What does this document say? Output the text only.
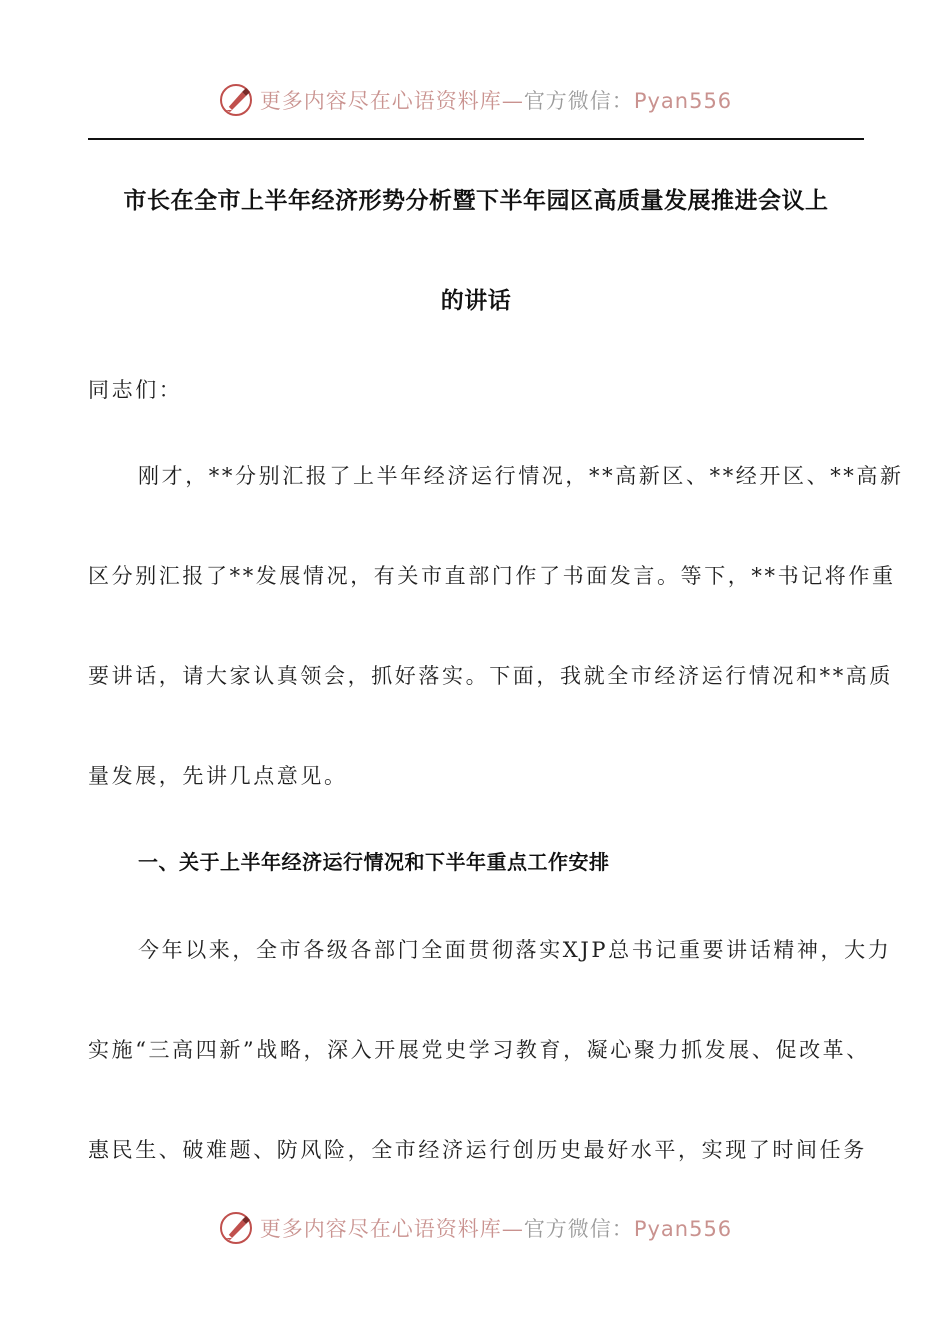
更多内容尽在心语资料库—官方微信：Pyan556
市长在全市上半年经济形势分析暨下半年园区高质量发展推进会议上
的讲话
同志们：
刚才，**分别汇报了上半年经济运行情况，**高新区、**经开区、**高新
区分别汇报了**发展情况，有关市直部门作了书面发言。等下，**书记将作重
要讲话，请大家认真领会，抓好落实。下面，我就全市经济运行情况和**高质
量发展，先讲几点意见。
一、关于上半年经济运行情况和下半年重点工作安排
今年以来，全市各级各部门全面贯彻落实XJP总书记重要讲话精神，大力
实施“三高四新”战略，深入开展党史学习教育，凝心聚力抓发展、促改革、
惠民生、破难题、防风险，全市经济运行创历史最好水平，实现了时间任务
更多内容尽在心语资料库—官方微信：Pyan556
